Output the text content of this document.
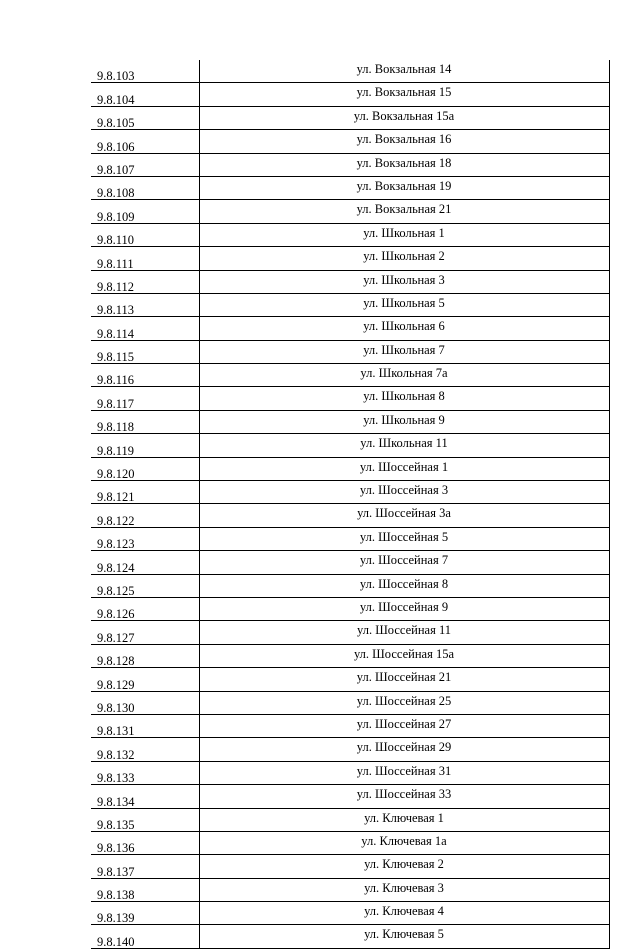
9.8.103	ул. Вокзальная 14
9.8.104	ул. Вокзальная 15
9.8.105	ул. Вокзальная 15а
9.8.106	ул. Вокзальная 16
9.8.107	ул. Вокзальная 18
9.8.108	ул. Вокзальная 19
9.8.109	ул. Вокзальная 21
9.8.110	ул. Школьная 1
9.8.111	ул. Школьная 2
9.8.112	ул. Школьная 3
9.8.113	ул. Школьная 5
9.8.114	ул. Школьная 6
9.8.115	ул. Школьная 7
9.8.116	ул. Школьная 7а
9.8.117	ул. Школьная 8
9.8.118	ул. Школьная 9
9.8.119	ул. Школьная 11
9.8.120	ул. Шоссейная 1
9.8.121	ул. Шоссейная 3
9.8.122	ул. Шоссейная 3а
9.8.123	ул. Шоссейная 5
9.8.124	ул. Шоссейная 7
9.8.125	ул. Шоссейная 8
9.8.126	ул. Шоссейная 9
9.8.127	ул. Шоссейная 11
9.8.128	ул. Шоссейная 15а
9.8.129	ул. Шоссейная 21
9.8.130	ул. Шоссейная 25
9.8.131	ул. Шоссейная 27
9.8.132	ул. Шоссейная 29
9.8.133	ул. Шоссейная 31
9.8.134	ул. Шоссейная 33
9.8.135	ул. Ключевая 1
9.8.136	ул. Ключевая 1а
9.8.137	ул. Ключевая 2
9.8.138	ул. Ключевая 3
9.8.139	ул. Ключевая 4
9.8.140	ул. Ключевая 5
